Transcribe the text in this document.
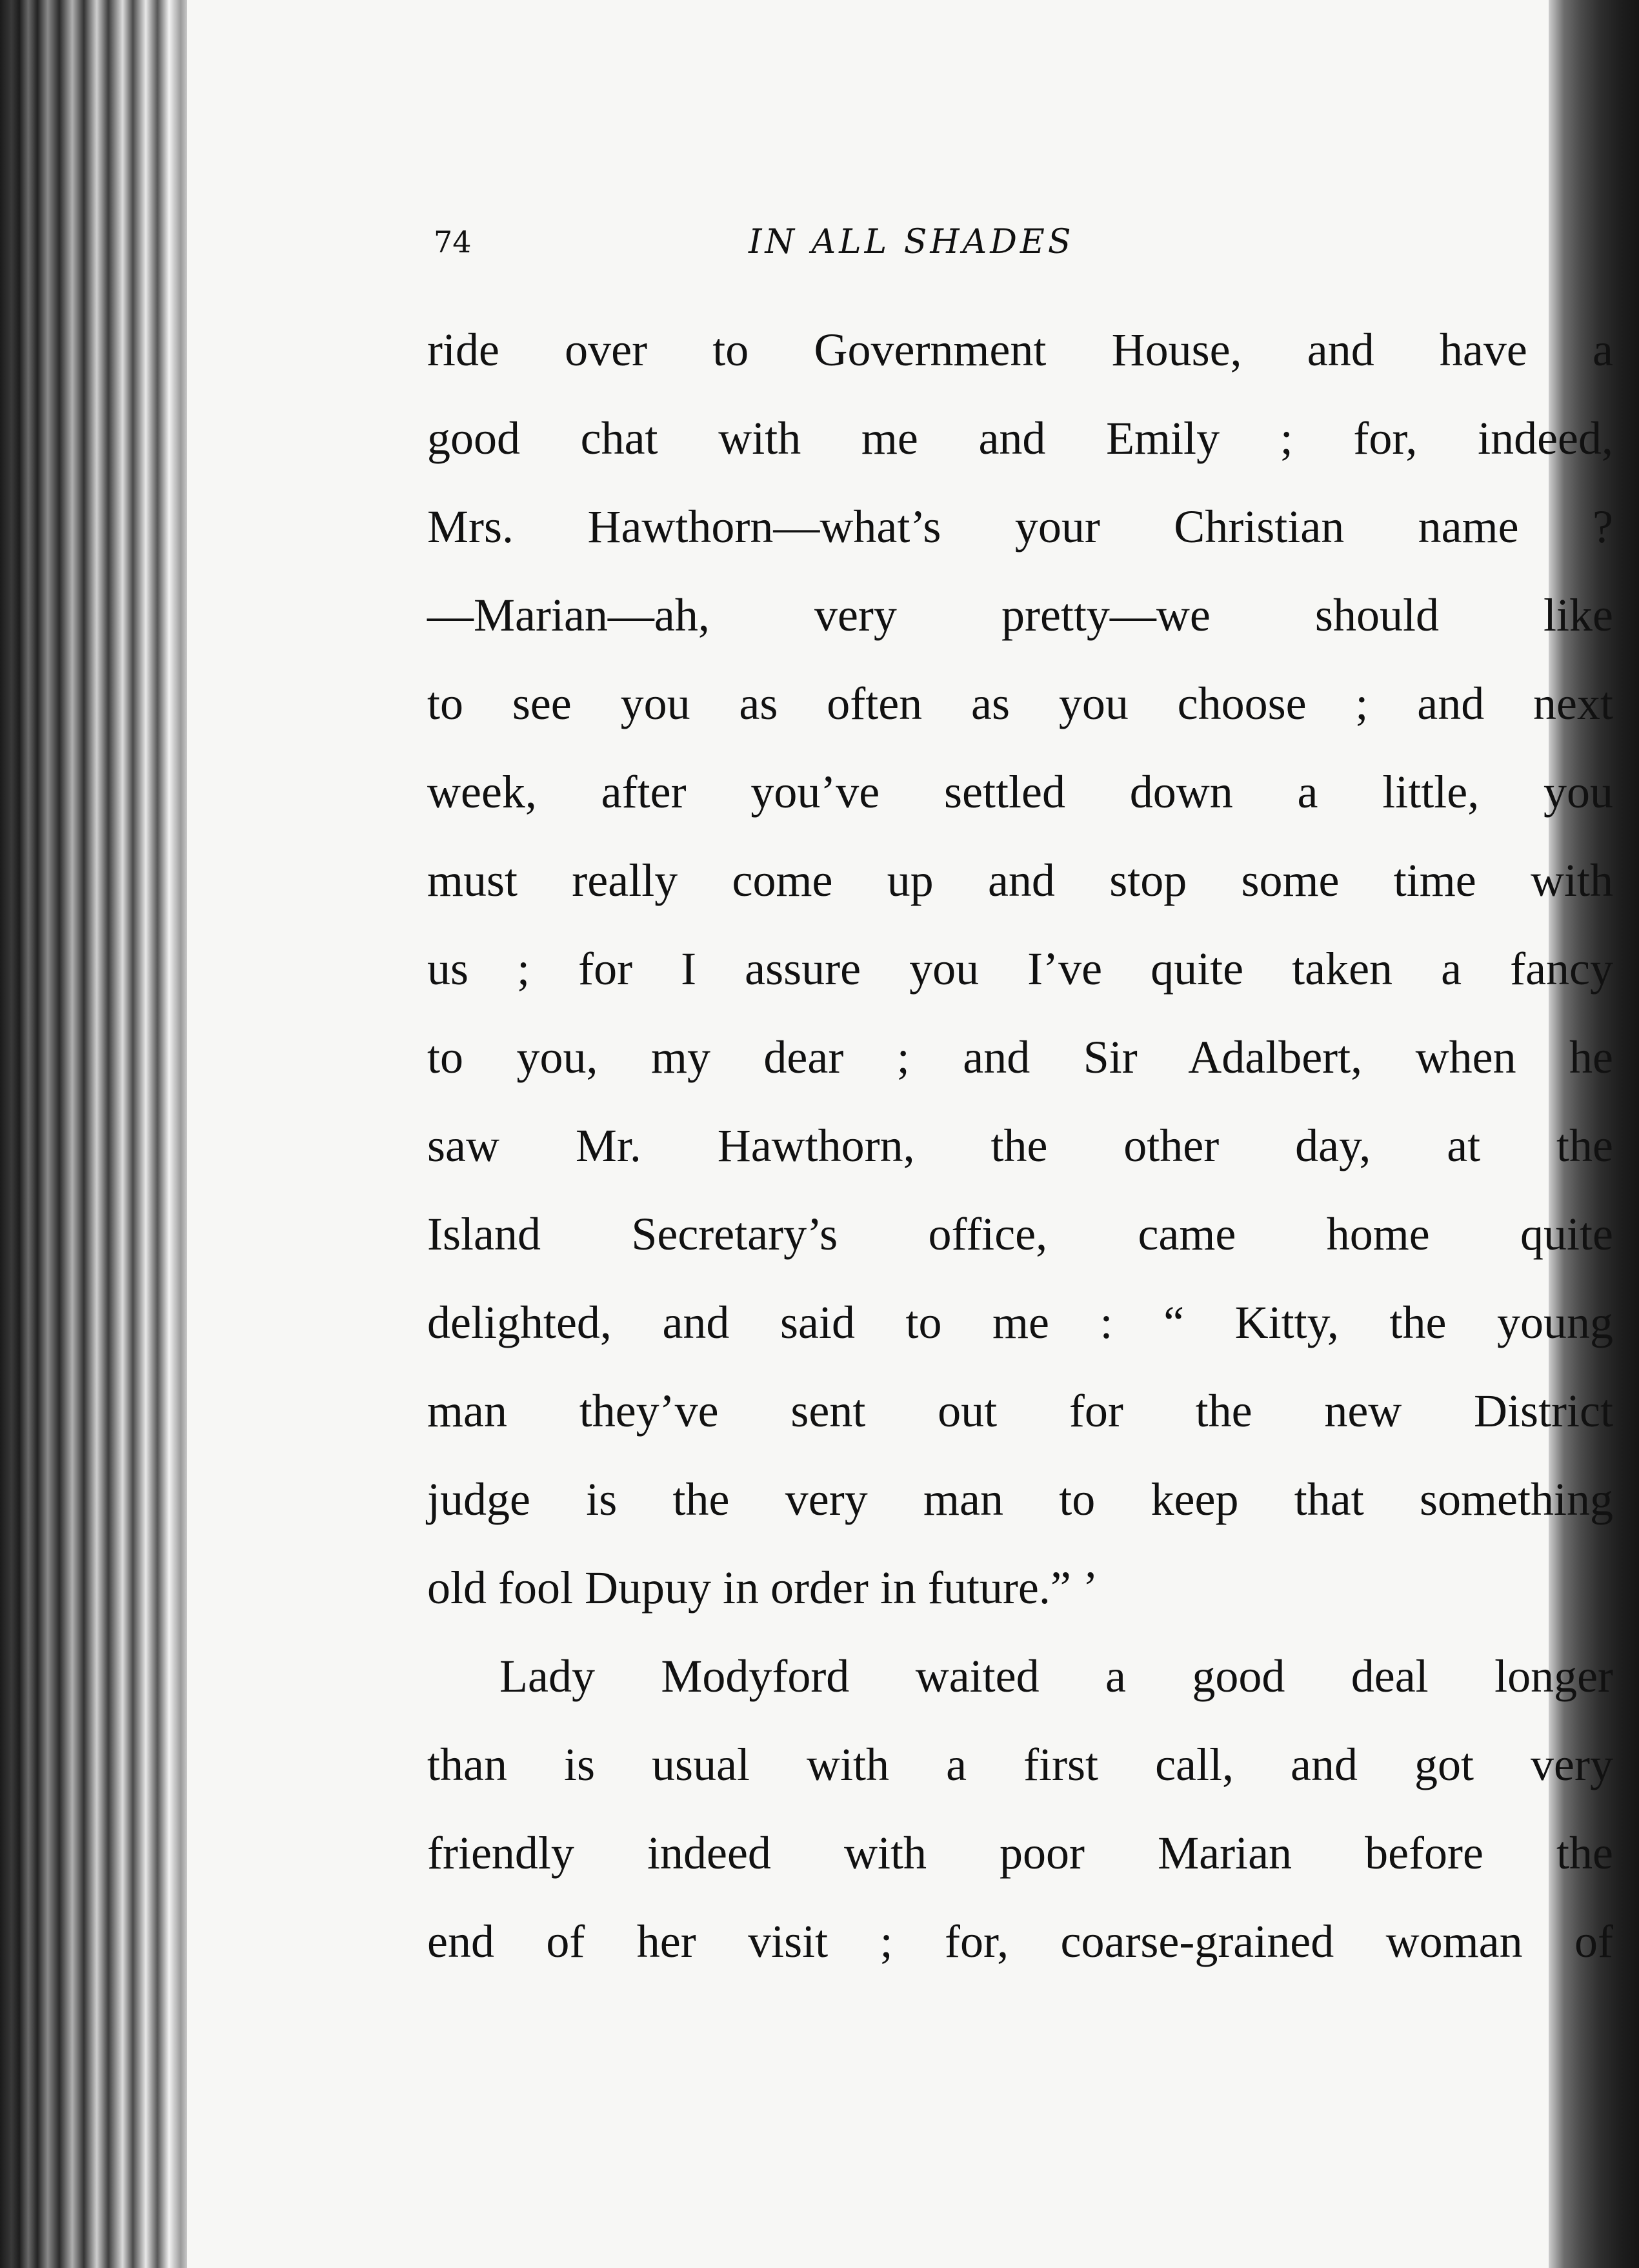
74	IN ALL SHADES
ride over to Government House, and have a
good chat with me and Emily ; for, indeed,
Mrs. Hawthorn—what’s your Christian name ?
—Marian—ah, very pretty—we should like
to see you as often as you choose ; and next
week, after you’ve settled down a little, you
must really come up and stop some time with
us ; for I assure you I’ve quite taken a fancy
to you, my dear ; and Sir Adalbert, when he
saw Mr. Hawthorn, the other day, at the
Island Secretary’s office, came home quite
delighted, and said to me : “ Kitty, the young
man they’ve sent out for the new District
judge is the very man to keep that something
old fool Dupuy in order in future.” ’
Lady Modyford waited a good deal longer
than is usual with a first call, and got very
friendly indeed with poor Marian before the
end of her visit ; for, coarse-grained woman of
